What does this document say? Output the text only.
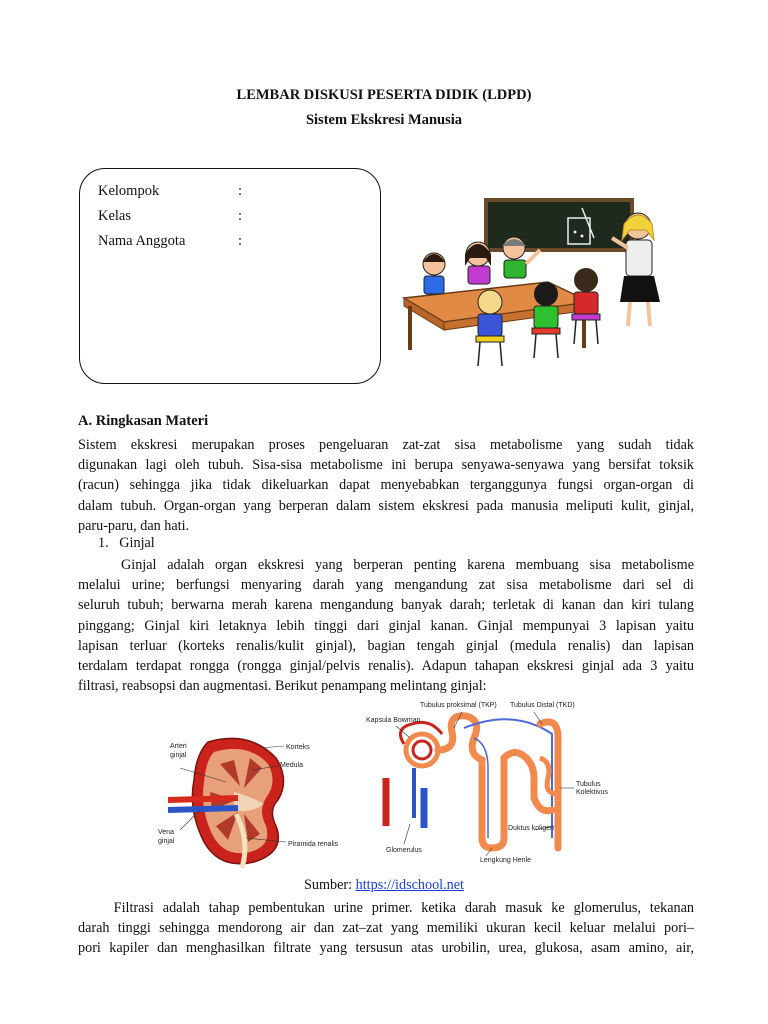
LEMBAR DISKUSI PESERTA DIDIK (LDPD)
Sistem Ekskresi Manusia
Kelompok	:
Kelas	:
Nama Anggota	:
A. Ringkasan Materi

Sistem ekskresi merupakan proses pengeluaran zat-zat sisa metabolisme yang sudah tidak
digunakan lagi oleh tubuh. Sisa-sisa metabolisme ini berupa senyawa-senyawa yang bersifat toksik
(racun) sehingga jika tidak dikeluarkan dapat menyebabkan terganggunya fungsi organ-organ di
dalam tubuh. Organ-organ yang berperan dalam sistem ekskresi pada manusia meliputi kulit, ginjal,
paru-paru, dan hati.

1.   Ginjal

Ginjal adalah organ ekskresi yang berperan penting karena membuang sisa metabolisme
melalui urine; berfungsi menyaring darah yang mengandung zat sisa metabolisme dari sel di
seluruh tubuh; berwarna merah karena mengandung banyak darah; terletak di kanan dan kiri tulang
pinggang; Ginjal kiri letaknya lebih tinggi dari ginjal kanan. Ginjal mempunyai 3 lapisan yaitu
lapisan terluar (korteks renalis/kulit ginjal), bagian tengah ginjal (medula renalis) dan lapisan
terdalam terdapat rongga (rongga ginjal/pelvis renalis). Adapun tahapan ekskresi ginjal ada 3 yaitu
filtrasi, reabsopsi dan augmentasi. Berikut penampang melintang ginjal:

Arteri
ginjal
Korteks
Medula
Vena
ginjal	Piramida renalis
Tubulus proksimal (TKP) Tubulus Distal (TKD)
Kapsula Bowman
Tubulus
Kolektivus
Duktus koligen
Glomerulus
Lengkung Henle
Sumber: https://idschool.net

Filtrasi adalah tahap pembentukan urine primer. ketika darah masuk ke glomerulus, tekanan
darah tinggi sehingga mendorong air dan zat–zat yang memiliki ukuran kecil keluar melalui pori–
pori kapiler dan menghasilkan filtrate yang tersusun atas urobilin, urea, glukosa, asam amino, air,
